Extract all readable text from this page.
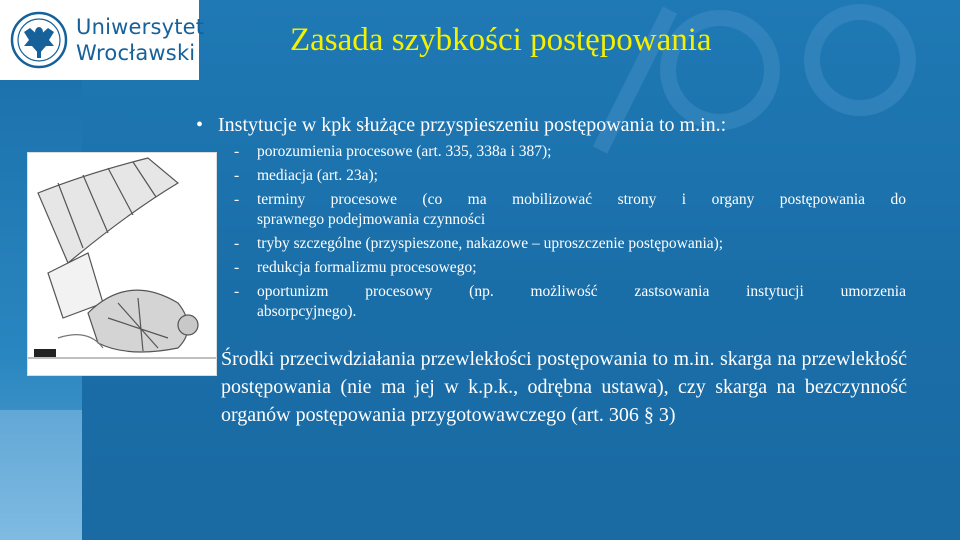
Uniwersytet
Wrocławski	Zasada szybkości postępowania
• Instytucje w kpk służące przyspieszeniu postępowania to m.in.:
- porozumienia procesowe (art. 335, 338a i 387);
- mediacja (art. 23a);
- terminy procesowe (co ma mobilizować strony i organy postępowania do
sprawnego podejmowania czynności
- tryby szczególne (przyspieszone, nakazowe – uproszczenie postępowania);
- redukcja formalizmu procesowego;
- oportunizm procesowy (np. możliwość zastsowania instytucji umorzenia
absorpcyjnego).
Środki przeciwdziałania przewlekłości postępowania to m.in. skarga na przewlekłość postępowania (nie ma jej w k.p.k., odrębna ustawa), czy skarga na bezczynność organów postępowania przygotowawczego (art. 306 § 3)
